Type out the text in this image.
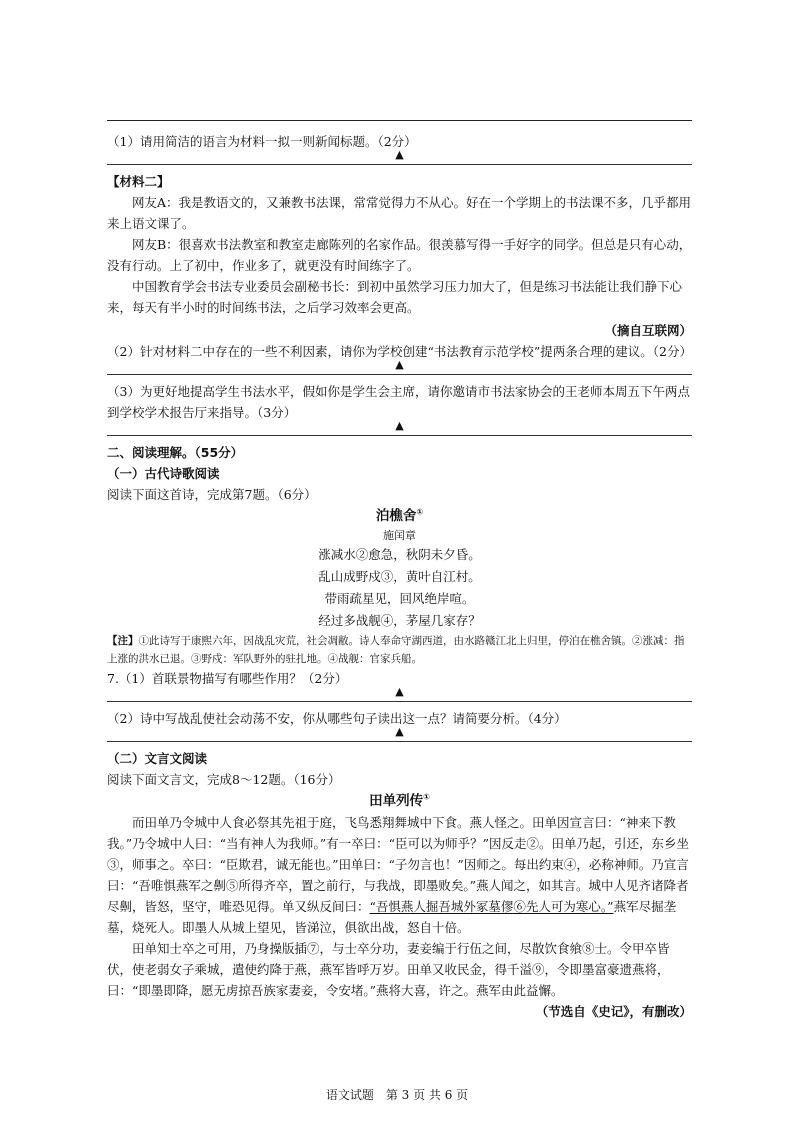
（1）请用简洁的语言为材料一拟一则新闻标题。（2分）

▲

【材料二】

网友A：我是教语文的，又兼教书法课，常常觉得力不从心。好在一个学期上的书法课不多，几乎都用来上语文课了。

网友B：很喜欢书法教室和教室走廊陈列的名家作品。很羡慕写得一手好字的同学。但总是只有心动，没有行动。上了初中，作业多了，就更没有时间练字了。

中国教育学会书法专业委员会副秘书长：到初中虽然学习压力加大了，但是练习书法能让我们静下心来，每天有半小时的时间练书法，之后学习效率会更高。

（摘自互联网）

（2）针对材料二中存在的一些不利因素，请你为学校创建“书法教育示范学校”提两条合理的建议。（2分）

▲

（3）为更好地提高学生书法水平，假如你是学生会主席，请你邀请市书法家协会的王老师本周五下午两点到学校学术报告厅来指导。（3分）

▲

二、阅读理解。（55分）

（一）古代诗歌阅读

阅读下面这首诗，完成第7题。（6分）

泊樵舍①
施闰章
涨减水②愈急，秋阴未夕昏。
乱山成野戍③，黄叶自江村。
带雨疏星见，回风绝岸喧。
经过多战舰④，茅屋几家存？

【注】①此诗写于康熙六年，因战乱灾荒，社会凋敝。诗人奉命守湖西道，由水路赣江北上归里，停泊在樵舍镇。②涨减：指上涨的洪水已退。③野戍：军队野外的驻扎地。④战舰：官家兵船。

7.（1）首联景物描写有哪些作用？（2分）

▲

（2）诗中写战乱使社会动荡不安，你从哪些句子读出这一点？请简要分析。（4分）

▲

（二）文言文阅读

阅读下面文言文，完成8～12题。（16分）

田单列传①

而田单乃令城中人食必祭其先祖于庭，飞鸟悉翔舞城中下食。燕人怪之。田单因宣言曰：“神来下教我。”乃令城中人曰：“当有神人为我师。”有一卒曰：“臣可以为师乎？”因反走②。田单乃起，引还，东乡坐③，师事之。卒曰：“臣欺君，诚无能也。”田单曰：“子勿言也！”因师之。每出约束④，必称神师。乃宣言曰：“吾唯惧燕军之劓⑤所得齐卒，置之前行，与我战，即墨败矣。”燕人闻之，如其言。城中人见齐诸降者尽劓，皆怒，坚守，唯恐见得。单又纵反间曰：“吾惧燕人掘吾城外冢墓僇⑥先人可为寒心。”燕军尽掘垄墓，烧死人。即墨人从城上望见，皆涕泣，俱欲出战，怒自十倍。

田单知士卒之可用，乃身操版插⑦，与士卒分功，妻妾编于行伍之间，尽散饮食飨⑧士。令甲卒皆伏，使老弱女子乘城，遣使约降于燕，燕军皆呼万岁。田单又收民金，得千溢⑨，令即墨富豪遗燕将，曰：“即墨即降，愿无虏掠吾族家妻妾，令安堵。”燕将大喜，许之。燕军由此益懈。

（节选自《史记》，有删改）

语文试题　第 3 页 共 6 页
